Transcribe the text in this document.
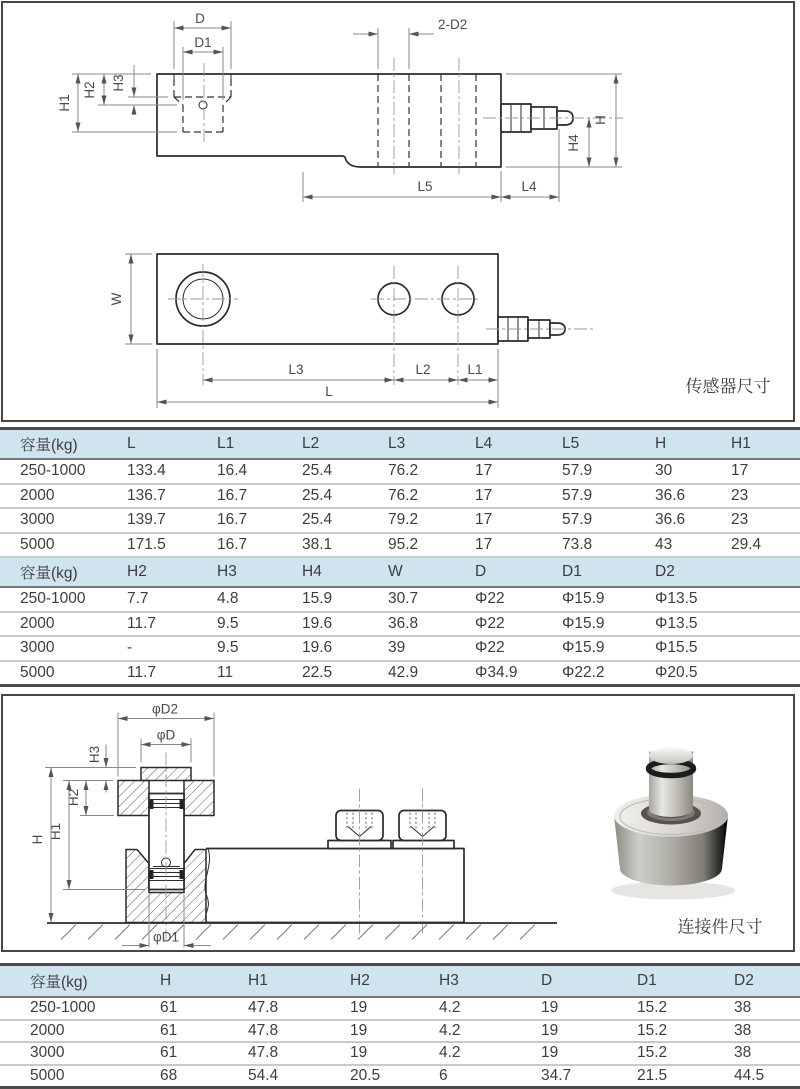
D
D1
H1
H2 H3
2-D2
H
H4
L5	L4
W
L3	L2	L1
L	传感器尺寸
容量(kg)	L	L1	L2	L3	L4	L5	H	H1
250-1000	133.4	16.4	25.4	76.2	17	57.9	30	17
2000	136.7	16.7	25.4	76.2	17	57.9	36.6	23
3000	139.7	16.7	25.4	79.2	17	57.9	36.6	23
5000	171.5	16.7	38.1	95.2	17	73.8	43	29.4
容量(kg)	H2	H3	H4	W	D	D1	D2
250-1000	7.7	4.8	15.9	30.7	Φ22	Φ15.9	Φ13.5
2000	11.7	9.5	19.6	36.8	Φ22	Φ15.9	Φ13.5
3000	-	9.5	19.6	39	Φ22	Φ15.9	Φ15.5
5000	11.7	11	22.5	42.9	Φ34.9	Φ22.2	Φ20.5
φD2
φD
H3
H2
H1
H
φD1
连接件尺寸
容量(kg)	H	H1	H2	H3	D	D1	D2
250-1000	61	47.8	19	4.2	19	15.2	38
2000	61	47.8	19	4.2	19	15.2	38
3000	61	47.8	19	4.2	19	15.2	38
5000	68	54.4	20.5	6	34.7	21.5	44.5
